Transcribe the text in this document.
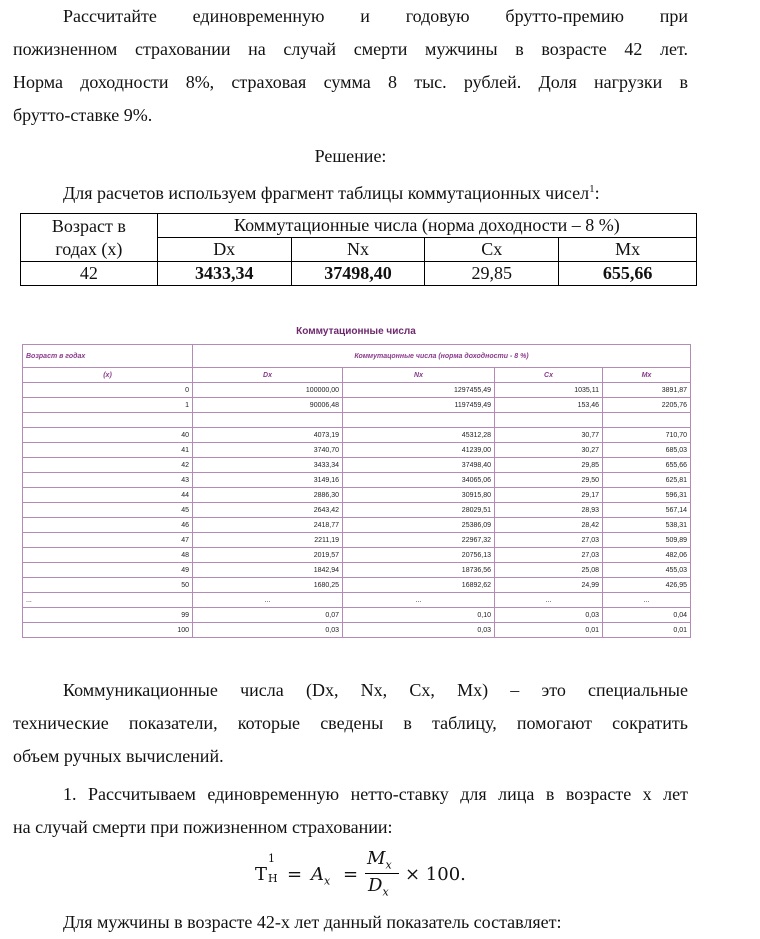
Рассчитайте единовременную и годовую брутто-премию при

пожизненном страховании на случай смерти мужчины в возрасте 42 лет.

Норма доходности 8%, страховая сумма 8 тыс. рублей. Доля нагрузки в

брутто-ставке 9%.

Решение:

Для расчетов используем фрагмент таблицы коммутационных чисел$^1$:

Возраст в
годах (х)	Коммутационные числа (норма доходности – 8 %)			
	Dx	Nx	Cx	Mx
42	3433,34	37498,40	29,85	655,66
Коммутационные числа
Возраст в годах	Коммутацонные числа (норма доходности - 8 %)			
(x)	Dx	Nx	Cx	Mx
0	100000,00	1297455,49	1035,11	3891,87
1	90006,48	1197459,49	153,46	2205,76

40	4073,19	45312,28	30,77	710,70
41	3740,70	41239,00	30,27	685,03
42	3433,34	37498,40	29,85	655,66
43	3149,16	34065,06	29,50	625,81
44	2886,30	30915,80	29,17	596,31
45	2643,42	28029,51	28,93	567,14
46	2418,77	25386,09	28,42	538,31
47	2211,19	22967,32	27,03	509,89
48	2019,57	20756,13	27,03	482,06
49	1842,94	18736,56	25,08	455,03
50	1680,25	16892,62	24,99	426,95
...	...	...	...	...
99	0,07	0,10	0,03	0,04
100	0,03	0,03	0,01	0,01

Коммуникационные числа (Dx, Nx, Cx, Mx) – это специальные

технические показатели, которые сведены в таблицу, помогают сократить

объем ручных вычислений.

1. Рассчитываем единовременную нетто-ставку для лица в возрасте х лет

на случай смерти при пожизненном страховании:

Т
1
$Н = A_x$ =
$M_x$
$D_x$
× 100.

Для мужчины в возрасте 42-х лет данный показатель составляет:
